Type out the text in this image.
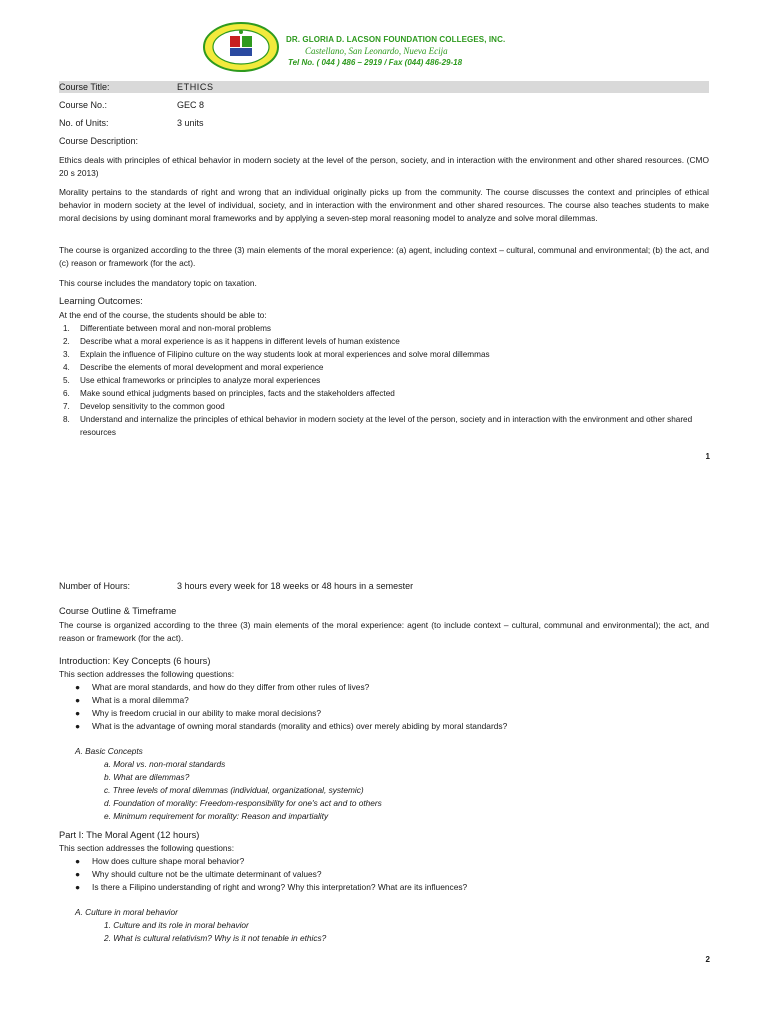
DR. GLORIA D. LACSON FOUNDATION COLLEGES, INC.
Castellano, San Leonardo, Nueva Ecija
Tel No. ( 044 ) 486 – 2919 / Fax (044) 486-29-18
Course Title:	ETHICS
Course No.:	GEC 8
No. of Units:	3 units
Course Description:
Ethics deals with principles of ethical behavior in modern society at the level of the person, society, and in interaction with the environment and other shared resources. (CMO 20 s 2013)
Morality pertains to the standards of right and wrong that an individual originally picks up from the community. The course discusses the context and principles of ethical behavior in modern society at the level of individual, society, and in interaction with the environment and other shared resources. The course also teaches students to make moral decisions by using dominant moral frameworks and by applying a seven-step moral reasoning model to analyze and solve moral dilemmas.
The course is organized according to the three (3) main elements of the moral experience: (a) agent, including context – cultural, communal and environmental; (b) the act, and (c) reason or framework (for the act).
This course includes the mandatory topic on taxation.
Learning Outcomes:
At the end of the course, the students should be able to:
1.	Differentiate between moral and non-moral problems
2.	Describe what a moral experience is as it happens in different levels of human existence
3.	Explain the influence of Filipino culture on the way students look at moral experiences and solve moral dillemmas
4.	Describe the elements of moral development and moral experience
5.	Use ethical frameworks or principles to analyze moral experiences
6.	Make sound ethical judgments based on principles, facts and the stakeholders affected
7.	Develop sensitivity to the common good
8.	Understand and internalize the principles of ethical behavior in modern society at the level of the person, society and in interaction with the environment and other shared resources
1
Number of Hours:	3 hours every week for 18 weeks or 48 hours in a semester
Course Outline & Timeframe
The course is organized according to the three (3) main elements of the moral experience: agent (to include context – cultural, communal and environmental); the act, and reason or framework (for the act).
Introduction: Key Concepts (6 hours)
This section addresses the following questions:
● What are moral standards, and how do they differ from other rules of lives?
● What is a moral dilemma?
● Why is freedom crucial in our ability to make moral decisions?
● What is the advantage of owning moral standards (morality and ethics) over merely abiding by moral standards?
A. Basic Concepts
a. Moral vs. non-moral standards
b. What are dilemmas?
c. Three levels of moral dilemmas (individual, organizational, systemic)
d. Foundation of morality: Freedom-responsibility for one's act and to others
e. Minimum requirement for morality: Reason and impartiality
Part I: The Moral Agent (12 hours)
This section addresses the following questions:
● How does culture shape moral behavior?
● Why should culture not be the ultimate determinant of values?
● Is there a Filipino understanding of right and wrong? Why this interpretation? What are its influences?
A. Culture in moral behavior
1. Culture and its role in moral behavior
2. What is cultural relativism? Why is it not tenable in ethics?
2
